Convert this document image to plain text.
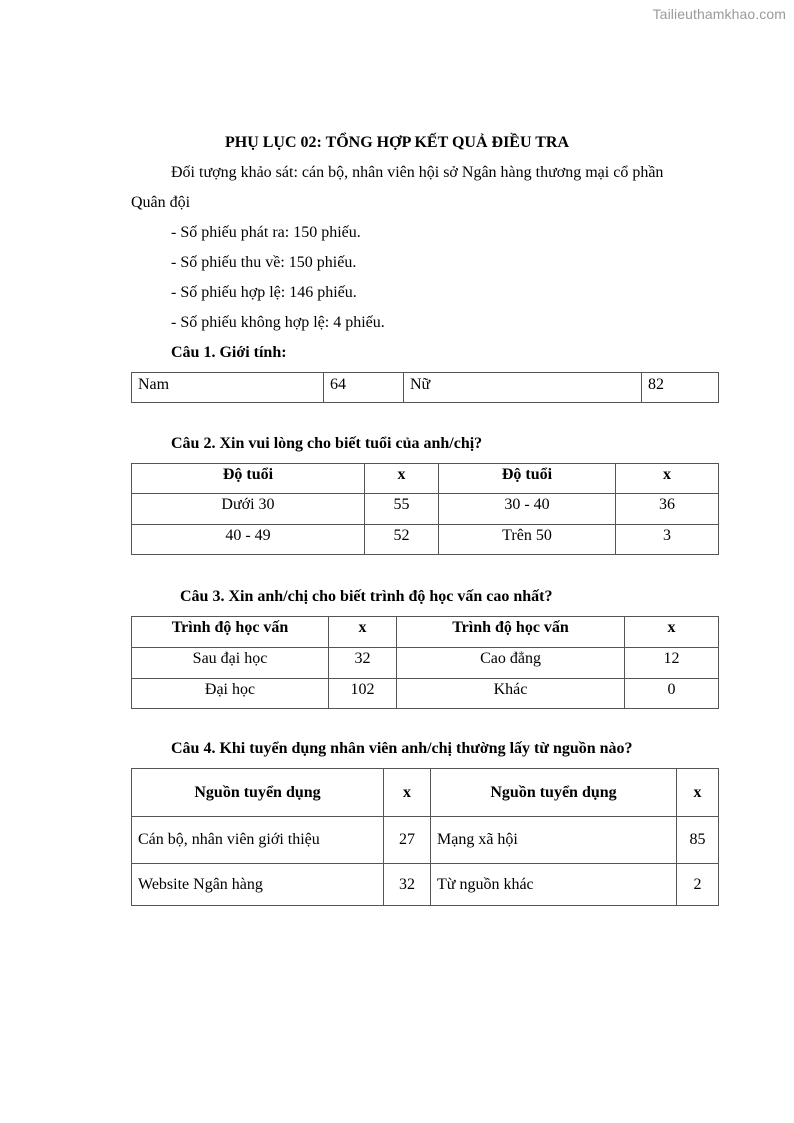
Tailieuthamkhao.com
PHỤ LỤC 02: TỔNG HỢP KẾT QUẢ ĐIỀU TRA
Đối tượng khảo sát: cán bộ, nhân viên hội sở Ngân hàng thương mại cổ phần
Quân đội
- Số phiếu phát ra: 150 phiếu.
- Số phiếu thu về: 150 phiếu.
- Số phiếu hợp lệ: 146 phiếu.
- Số phiếu không hợp lệ: 4 phiếu.
Câu 1. Giới tính:
Nam	64	Nữ	82
Câu 2. Xin vui lòng cho biết tuổi của anh/chị?
Độ tuổi	x	Độ tuổi	x
Dưới 30	55	30 - 40	36
40 - 49	52	Trên 50	3
Câu 3. Xin anh/chị cho biết trình độ học vấn cao nhất?
Trình độ học vấn	x	Trình độ học vấn	x
Sau đại học	32	Cao đẳng	12
Đại học	102	Khác	0
Câu 4. Khi tuyển dụng nhân viên anh/chị thường lấy từ nguồn nào?
Nguồn tuyển dụng	x	Nguồn tuyển dụng	x
Cán bộ, nhân viên giới thiệu	27	Mạng xã hội	85
Website Ngân hàng	32	Từ nguồn khác	2
